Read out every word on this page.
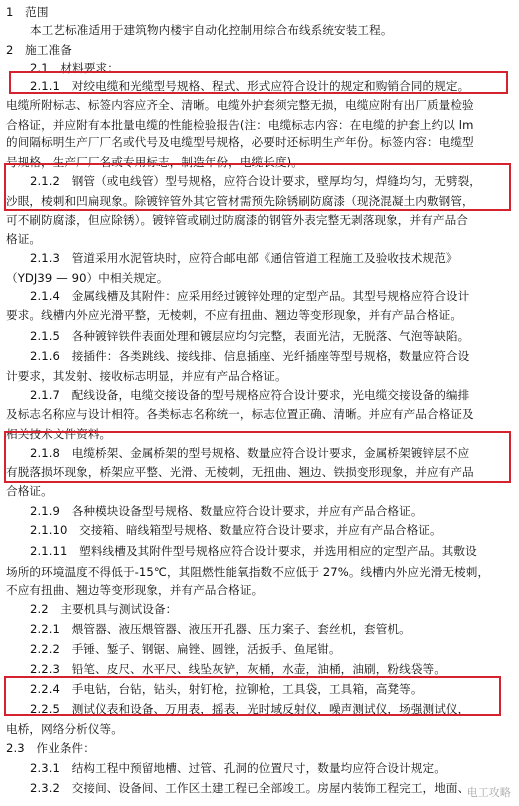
1　范围
本工艺标准适用于建筑物内楼宇自动化控制用综合布线系统安装工程。
2　施工准备
2.1　材料要求：
2.1.1　对绞电缆和光缆型号规格、程式、形式应符合设计的规定和购销合同的规定。
电缆所附标志、标签内容应齐全、清晰。电缆外护套须完整无损，电缆应附有出厂质量检验
合格证，并应附有本批量电缆的性能检验报告(注：电缆标志内容：在电缆的护套上约以 lm
的间隔标明生产厂厂名或代号及电缆型号规格，必要时还标明生产年份。标签内容：电缆型
号规格，生产厂厂名或专用标志，制造年份，电缆长度)。
2.1.2　钢管（或电线管）型号规格，应符合设计要求，壁厚均匀，焊缝均匀，无劈裂，
沙眼，棱刺和凹扁现象。除镀锌管外其它管材需预先除锈刷防腐漆（现浇混凝土内敷钢管，
可不刷防腐漆，但应除锈）。镀锌管或刷过防腐漆的钢管外表完整无剥落现象，并有产品合
格证。
2.1.3　管道采用水泥管块时，应符合邮电部《通信管道工程施工及验收技术规范》
（YDJ39 — 90）中相关规定。
2.1.4　金属线槽及其附件：应采用经过镀锌处理的定型产品。其型号规格应符合设计
要求。线槽内外应光滑平整，无棱刺，不应有扭曲、翘边等变形现象，并有产品合格证。
2.1.5　各种镀锌铁件表面处理和镀层应均匀完整，表面光洁，无脱落、气泡等缺陷。
2.1.6　接插件：各类跳线、接线排、信息插座、光纤插座等型号规格，数量应符合设
计要求，其发射、接收标志明显，并应有产品合格证。
2.1.7　配线设备，电缆交接设备的型号规格应符合设计要求，光电缆交接设备的编排
及标志名称应与设计相符。各类标志名称统一，标志位置正确、清晰。并应有产品合格证及
相关技术文件资料。
2.1.8　电缆桥架、金属桥架的型号规格、数量应符合设计要求，金属桥架镀锌层不应
有脱落损坏现象，桥架应平整、光滑、无棱刺，无扭曲、翘边、铁损变形现象，并应有产品
合格证。
2.1.9　各种模块设备型号规格、数量应符合设计要求，并应有产品合格证。
2.1.10　交接箱、暗线箱型号规格、数量应符合设计要求，并应有产品合格证。
2.1.11　塑料线槽及其附件型号规格应符合设计要求，并选用相应的定型产品。其敷设
场所的环境温度不得低于-15℃，其阻燃性能氧指数不应低于 27%。线槽内外应光滑无棱刺，
不应有扭曲、翘边等变形现象，并有产品合格证。
2.2　主要机具与测试设备：
2.2.1　煨管器、液压煨管器、液压开孔器、压力案子、套丝机，套管机。
2.2.2　手锤、錾子、钢锯、扁锉、圆锉，活扳手、鱼尾钳。
2.2.3　铅笔、皮尺、水平尺、线坠灰铲，灰桶，水壶，油桶，油刷，粉线袋等。
2.2.4　手电钻，台钻，钻头，射钉枪，拉铆枪，工具袋，工具箱，高凳等。
2.2.5　测试仪表和设备、万用表，摇表，光时域反射仪，噪声测试仪，场强测试仪，
电桥，网络分析仪等。
2.3　作业条件：
2.3.1　结构工程中预留地槽、过管、孔洞的位置尺寸，数量均应符合设计规定。
2.3.2　交接间、设备间、工作区土建工程已全部竣工。房屋内装饰工程完工，地面、
电工攻略
